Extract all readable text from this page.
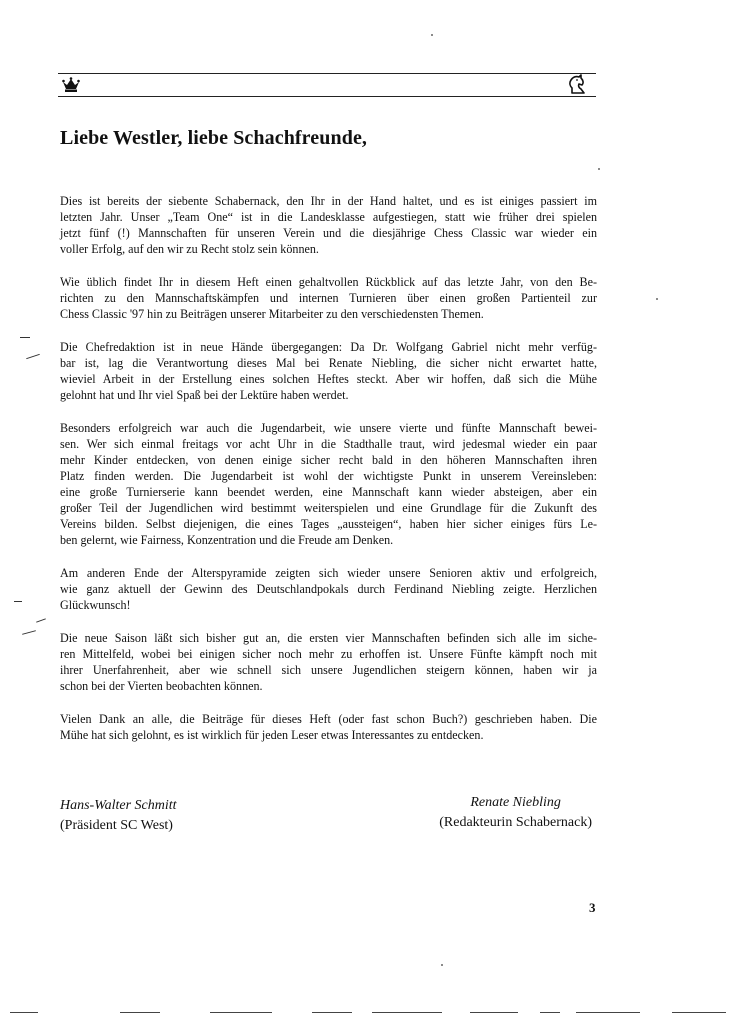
Liebe Westler, liebe Schachfreunde,

Dies ist bereits der siebente Schabernack, den Ihr in der Hand haltet, und es ist einiges passiert im
letzten Jahr. Unser „Team One“ ist in die Landesklasse aufgestiegen, statt wie früher drei spielen
jetzt fünf (!) Mannschaften für unseren Verein und die diesjährige Chess Classic war wieder ein
voller Erfolg, auf den wir zu Recht stolz sein können.

Wie üblich findet Ihr in diesem Heft einen gehaltvollen Rückblick auf das letzte Jahr, von den Be-
richten zu den Mannschaftskämpfen und internen Turnieren über einen großen Partienteil zur
Chess Classic '97 hin zu Beiträgen unserer Mitarbeiter zu den verschiedensten Themen.

Die Chefredaktion ist in neue Hände übergegangen: Da Dr. Wolfgang Gabriel nicht mehr verfüg-
bar ist, lag die Verantwortung dieses Mal bei Renate Niebling, die sicher nicht erwartet hatte,
wieviel Arbeit in der Erstellung eines solchen Heftes steckt. Aber wir hoffen, daß sich die Mühe
gelohnt hat und Ihr viel Spaß bei der Lektüre haben werdet.

Besonders erfolgreich war auch die Jugendarbeit, wie unsere vierte und fünfte Mannschaft bewei-
sen. Wer sich einmal freitags vor acht Uhr in die Stadthalle traut, wird jedesmal wieder ein paar
mehr Kinder entdecken, von denen einige sicher recht bald in den höheren Mannschaften ihren
Platz finden werden. Die Jugendarbeit ist wohl der wichtigste Punkt in unserem Vereinsleben:
eine große Turnierserie kann beendet werden, eine Mannschaft kann wieder absteigen, aber ein
großer Teil der Jugendlichen wird bestimmt weiterspielen und eine Grundlage für die Zukunft des
Vereins bilden. Selbst diejenigen, die eines Tages „aussteigen“, haben hier sicher einiges fürs Le-
ben gelernt, wie Fairness, Konzentration und die Freude am Denken.

Am anderen Ende der Alterspyramide zeigten sich wieder unsere Senioren aktiv und erfolgreich,
wie ganz aktuell der Gewinn des Deutschlandpokals durch Ferdinand Niebling zeigte. Herzlichen
Glückwunsch!

Die neue Saison läßt sich bisher gut an, die ersten vier Mannschaften befinden sich alle im siche-
ren Mittelfeld, wobei bei einigen sicher noch mehr zu erhoffen ist. Unsere Fünfte kämpft noch mit
ihrer Unerfahrenheit, aber wie schnell sich unsere Jugendlichen steigern können, haben wir ja
schon bei der Vierten beobachten können.

Vielen Dank an alle, die Beiträge für dieses Heft (oder fast schon Buch?) geschrieben haben. Die
Mühe hat sich gelohnt, es ist wirklich für jeden Leser etwas Interessantes zu entdecken.

Hans-Walter Schmitt
(Präsident SC West)
Renate Niebling
(Redakteurin Schabernack)
3
